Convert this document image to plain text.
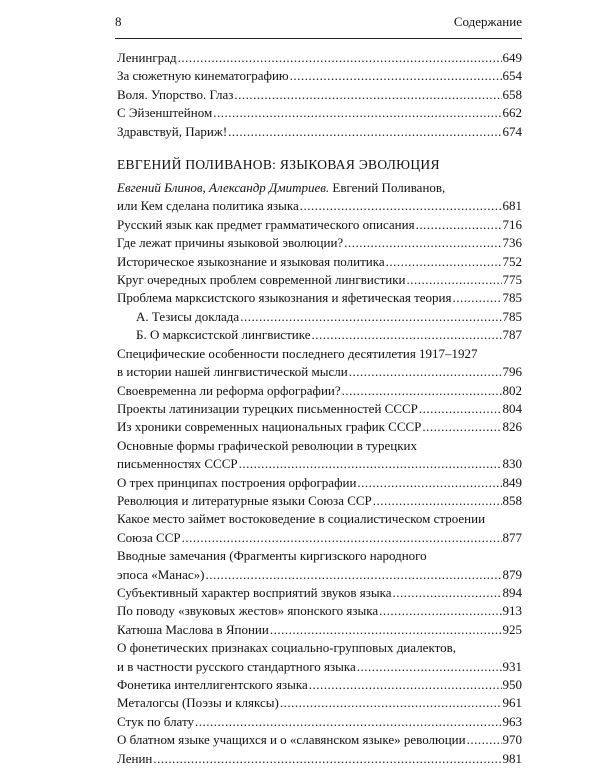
8	Содержание
Ленинград .....	649
За сюжетную кинематографию .....	654
Воля. Упорство. Глаз .....	658
С Эйзенштейном .....	662
Здравствуй, Париж! .....	674
ЕВГЕНИЙ ПОЛИВАНОВ: ЯЗЫКОВАЯ ЭВОЛЮЦИЯ
Евгений Блинов, Александр Дмитриев. Евгений Поливанов,
или Кем сделана политика языка .....	681
Русский язык как предмет грамматического описания .....	716
Где лежат причины языковой эволюции? .....	736
Историческое языкознание и языковая политика .....	752
Круг очередных проблем современной лингвистики .....	775
Проблема марксистского языкознания и яфетическая теория .....	785
А. Тезисы доклада .....	785
Б. О марксистской лингвистике .....	787
Специфические особенности последнего десятилетия 1917–1927
в истории нашей лингвистической мысли .....	796
Своевременна ли реформа орфографии? .....	802
Проекты латинизации турецких письменностей СССР .....	804
Из хроники современных национальных график СССР .....	826
Основные формы графической революции в турецких
письменностях СССР .....	830
О трех принципах построения орфографии .....	849
Революция и литературные языки Союза ССР .....	858
Какое место займет востоковедение в социалистическом строении
Союза ССР .....	877
Вводные замечания (Фрагменты киргизского народного
эпоса «Манас») .....	879
Субъективный характер восприятий звуков языка .....	894
По поводу «звуковых жестов» японского языка .....	913
Катюша Маслова в Японии .....	925
О фонетических признаках социально-групповых диалектов,
и в частности русского стандартного языка .....	931
Фонетика интеллигентского языка .....	950
Металогсы (Поэзы и кляксы) .....	961
Стук по блату .....	963
О блатном языке учащихся и о «славянском языке» революции .....	970
Ленин .....	981
